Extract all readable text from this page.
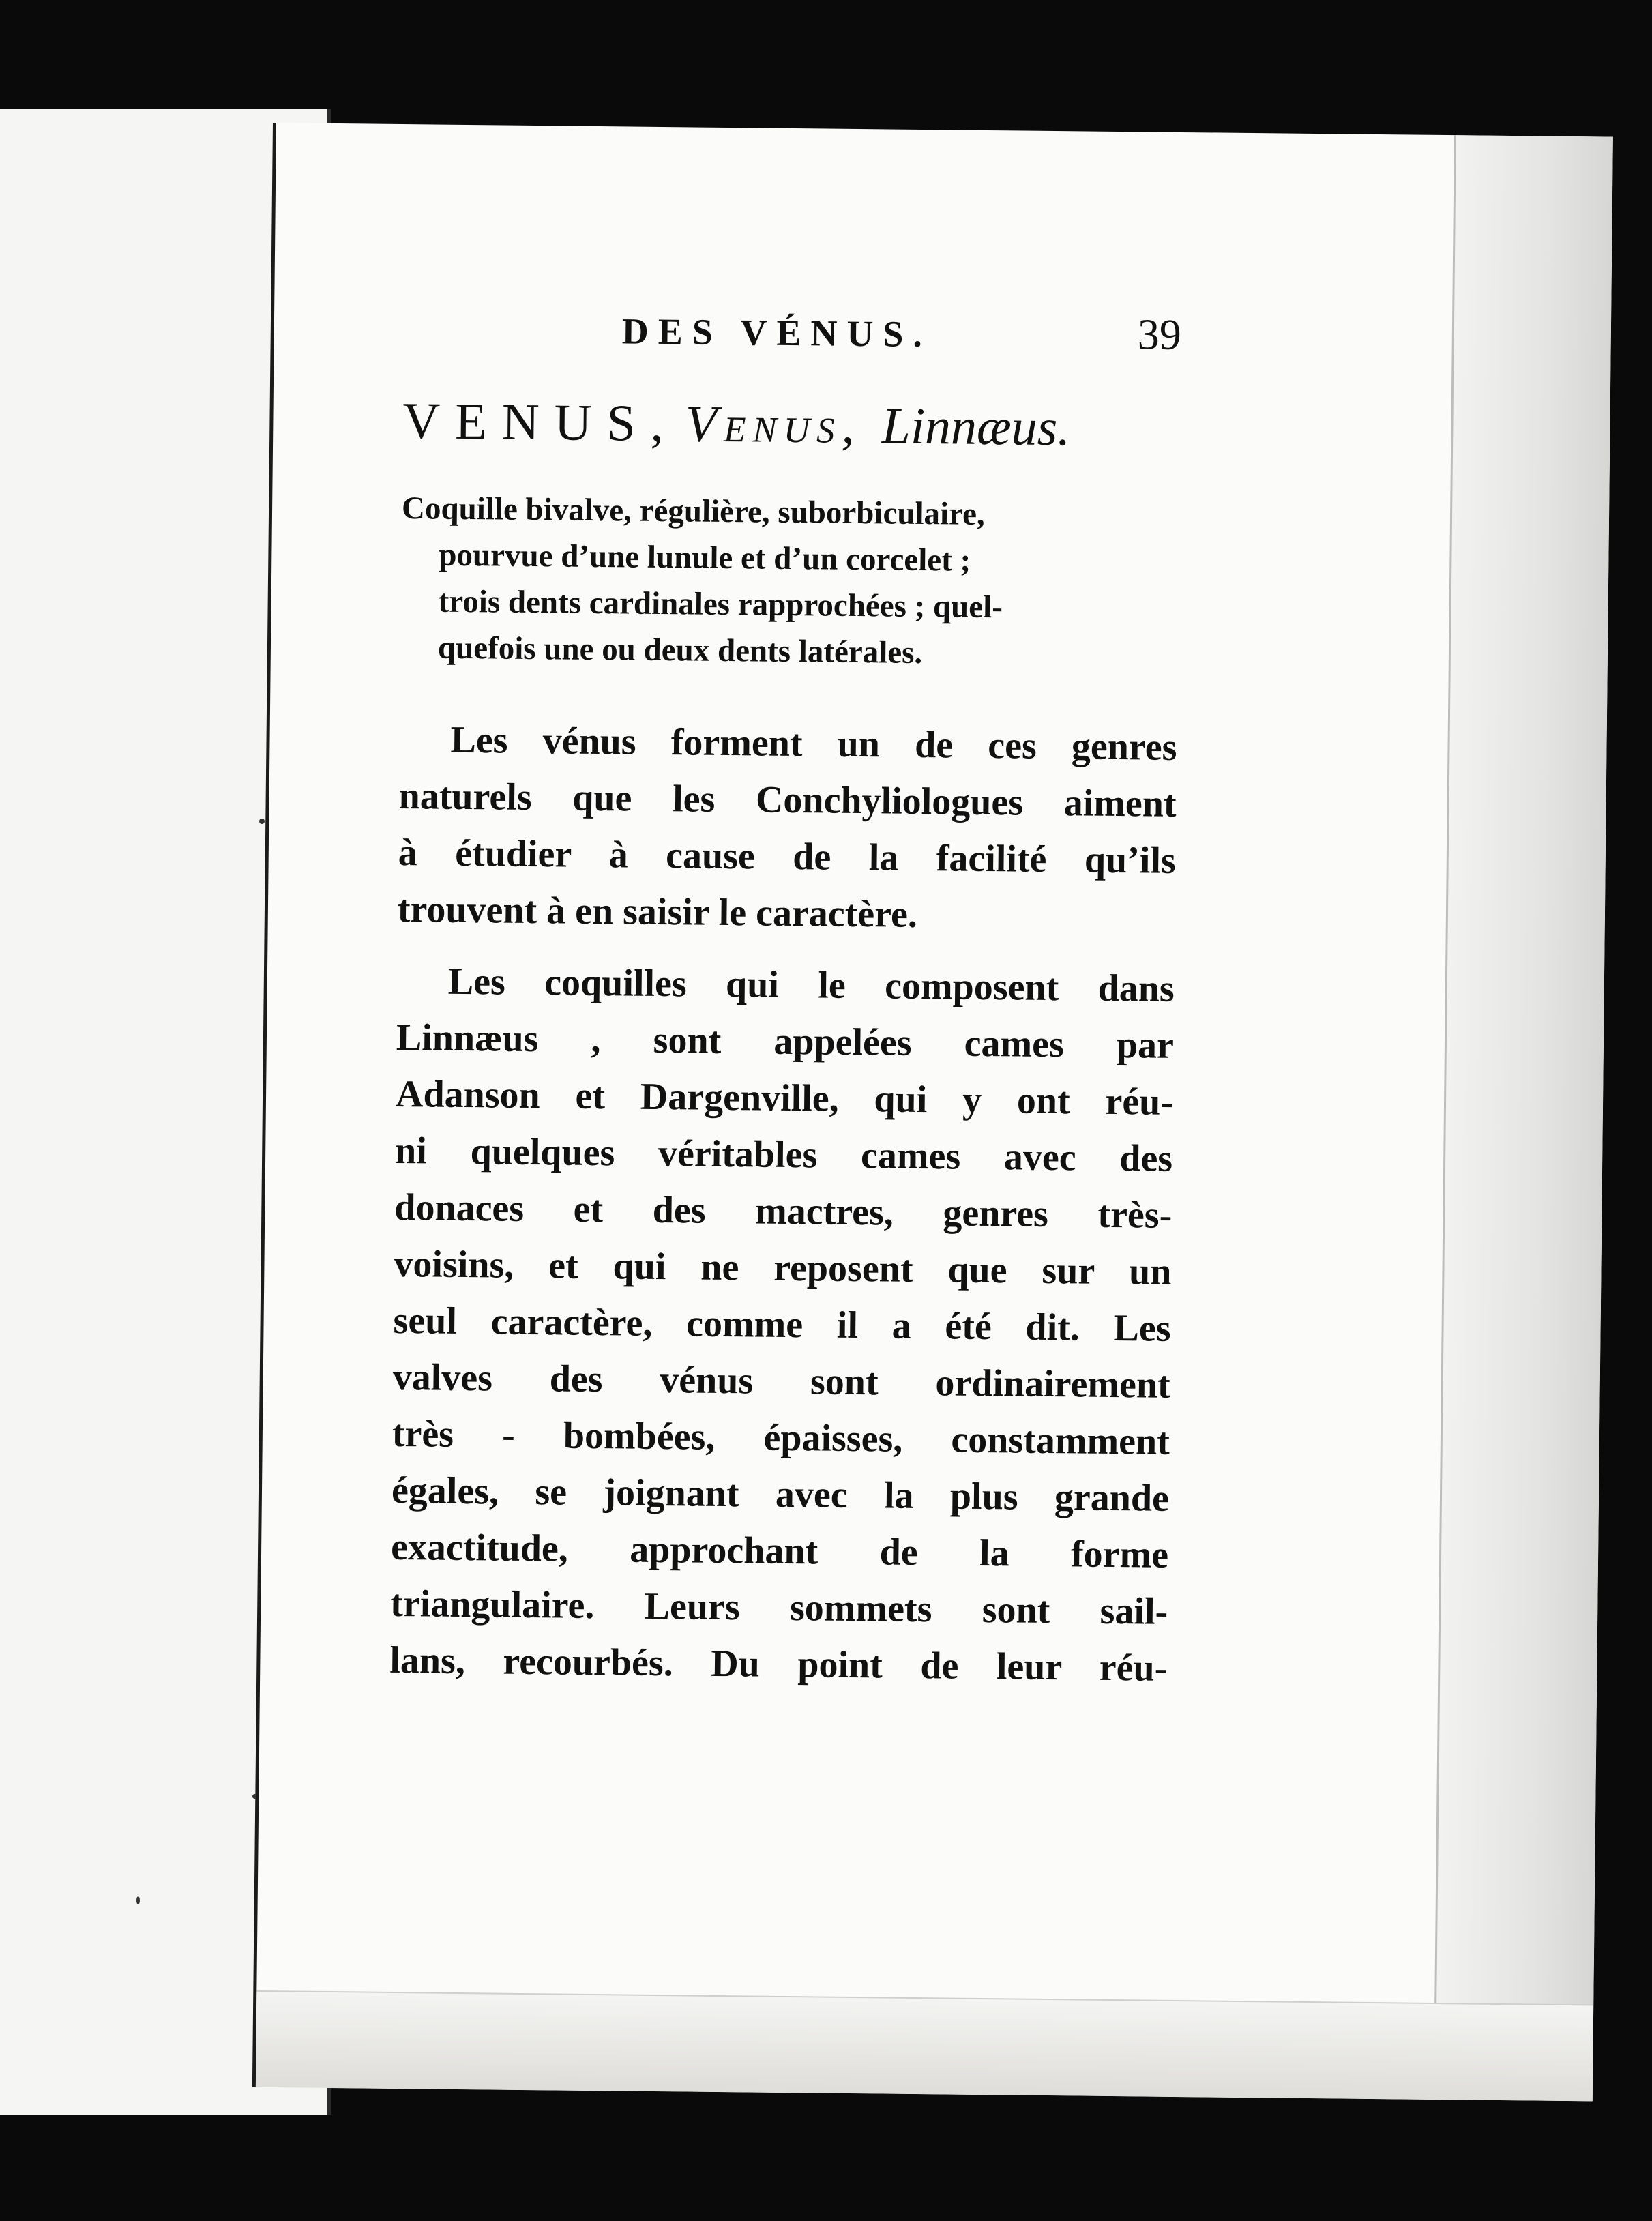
DES VÉNUS.	39
VENUS, Venus, Linnæus.
Coquille bivalve, régulière, suborbiculaire,
pourvue d’une lunule et d’un corcelet ;
trois dents cardinales rapprochées ; quel-
quefois une ou deux dents latérales.
Les vénus forment un de ces genres
naturels que les Conchyliologues aiment
à étudier à cause de la facilité qu’ils
trouvent à en saisir le caractère.
Les coquilles qui le composent dans
Linnæus , sont appelées cames par
Adanson et Dargenville, qui y ont réu-
ni quelques véritables cames avec des
donaces et des mactres, genres très-
voisins, et qui ne reposent que sur un
seul caractère, comme il a été dit. Les
valves des vénus sont ordinairement
très - bombées, épaisses, constamment
égales, se joignant avec la plus grande
exactitude, approchant de la forme
triangulaire. Leurs sommets sont sail-
lans, recourbés. Du point de leur réu-
